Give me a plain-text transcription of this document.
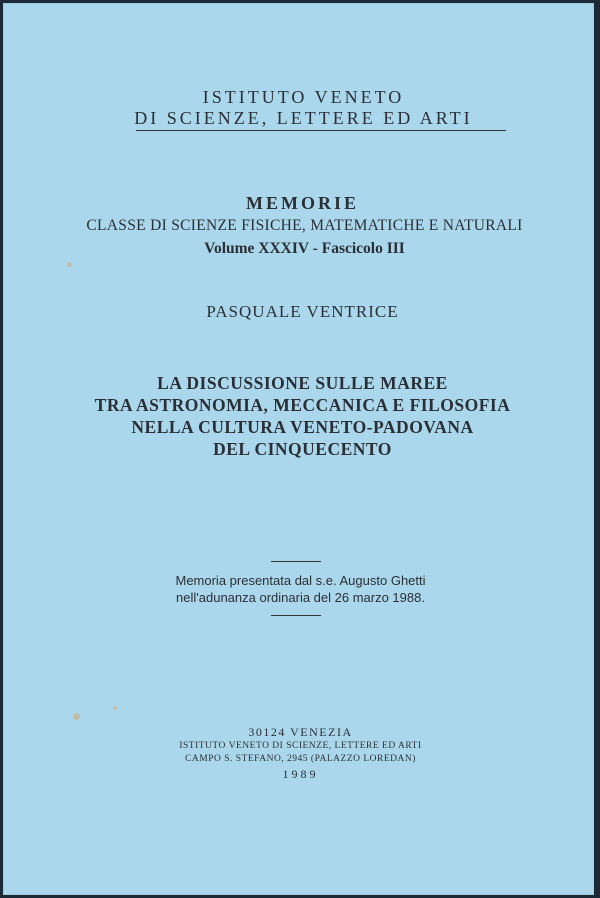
ISTITUTO VENETO
DI SCIENZE, LETTERE ED ARTI
MEMORIE
CLASSE DI SCIENZE FISICHE, MATEMATICHE E NATURALI
Volume XXXIV - Fascicolo III
PASQUALE VENTRICE
LA DISCUSSIONE SULLE MAREE
TRA ASTRONOMIA, MECCANICA E FILOSOFIA
NELLA CULTURA VENETO-PADOVANA
DEL CINQUECENTO
Memoria presentata dal s.e. Augusto Ghetti
nell'adunanza ordinaria del 26 marzo 1988.
30124 VENEZIA
ISTITUTO VENETO DI SCIENZE, LETTERE ED ARTI
CAMPO S. STEFANO, 2945 (PALAZZO LOREDAN)
1989
